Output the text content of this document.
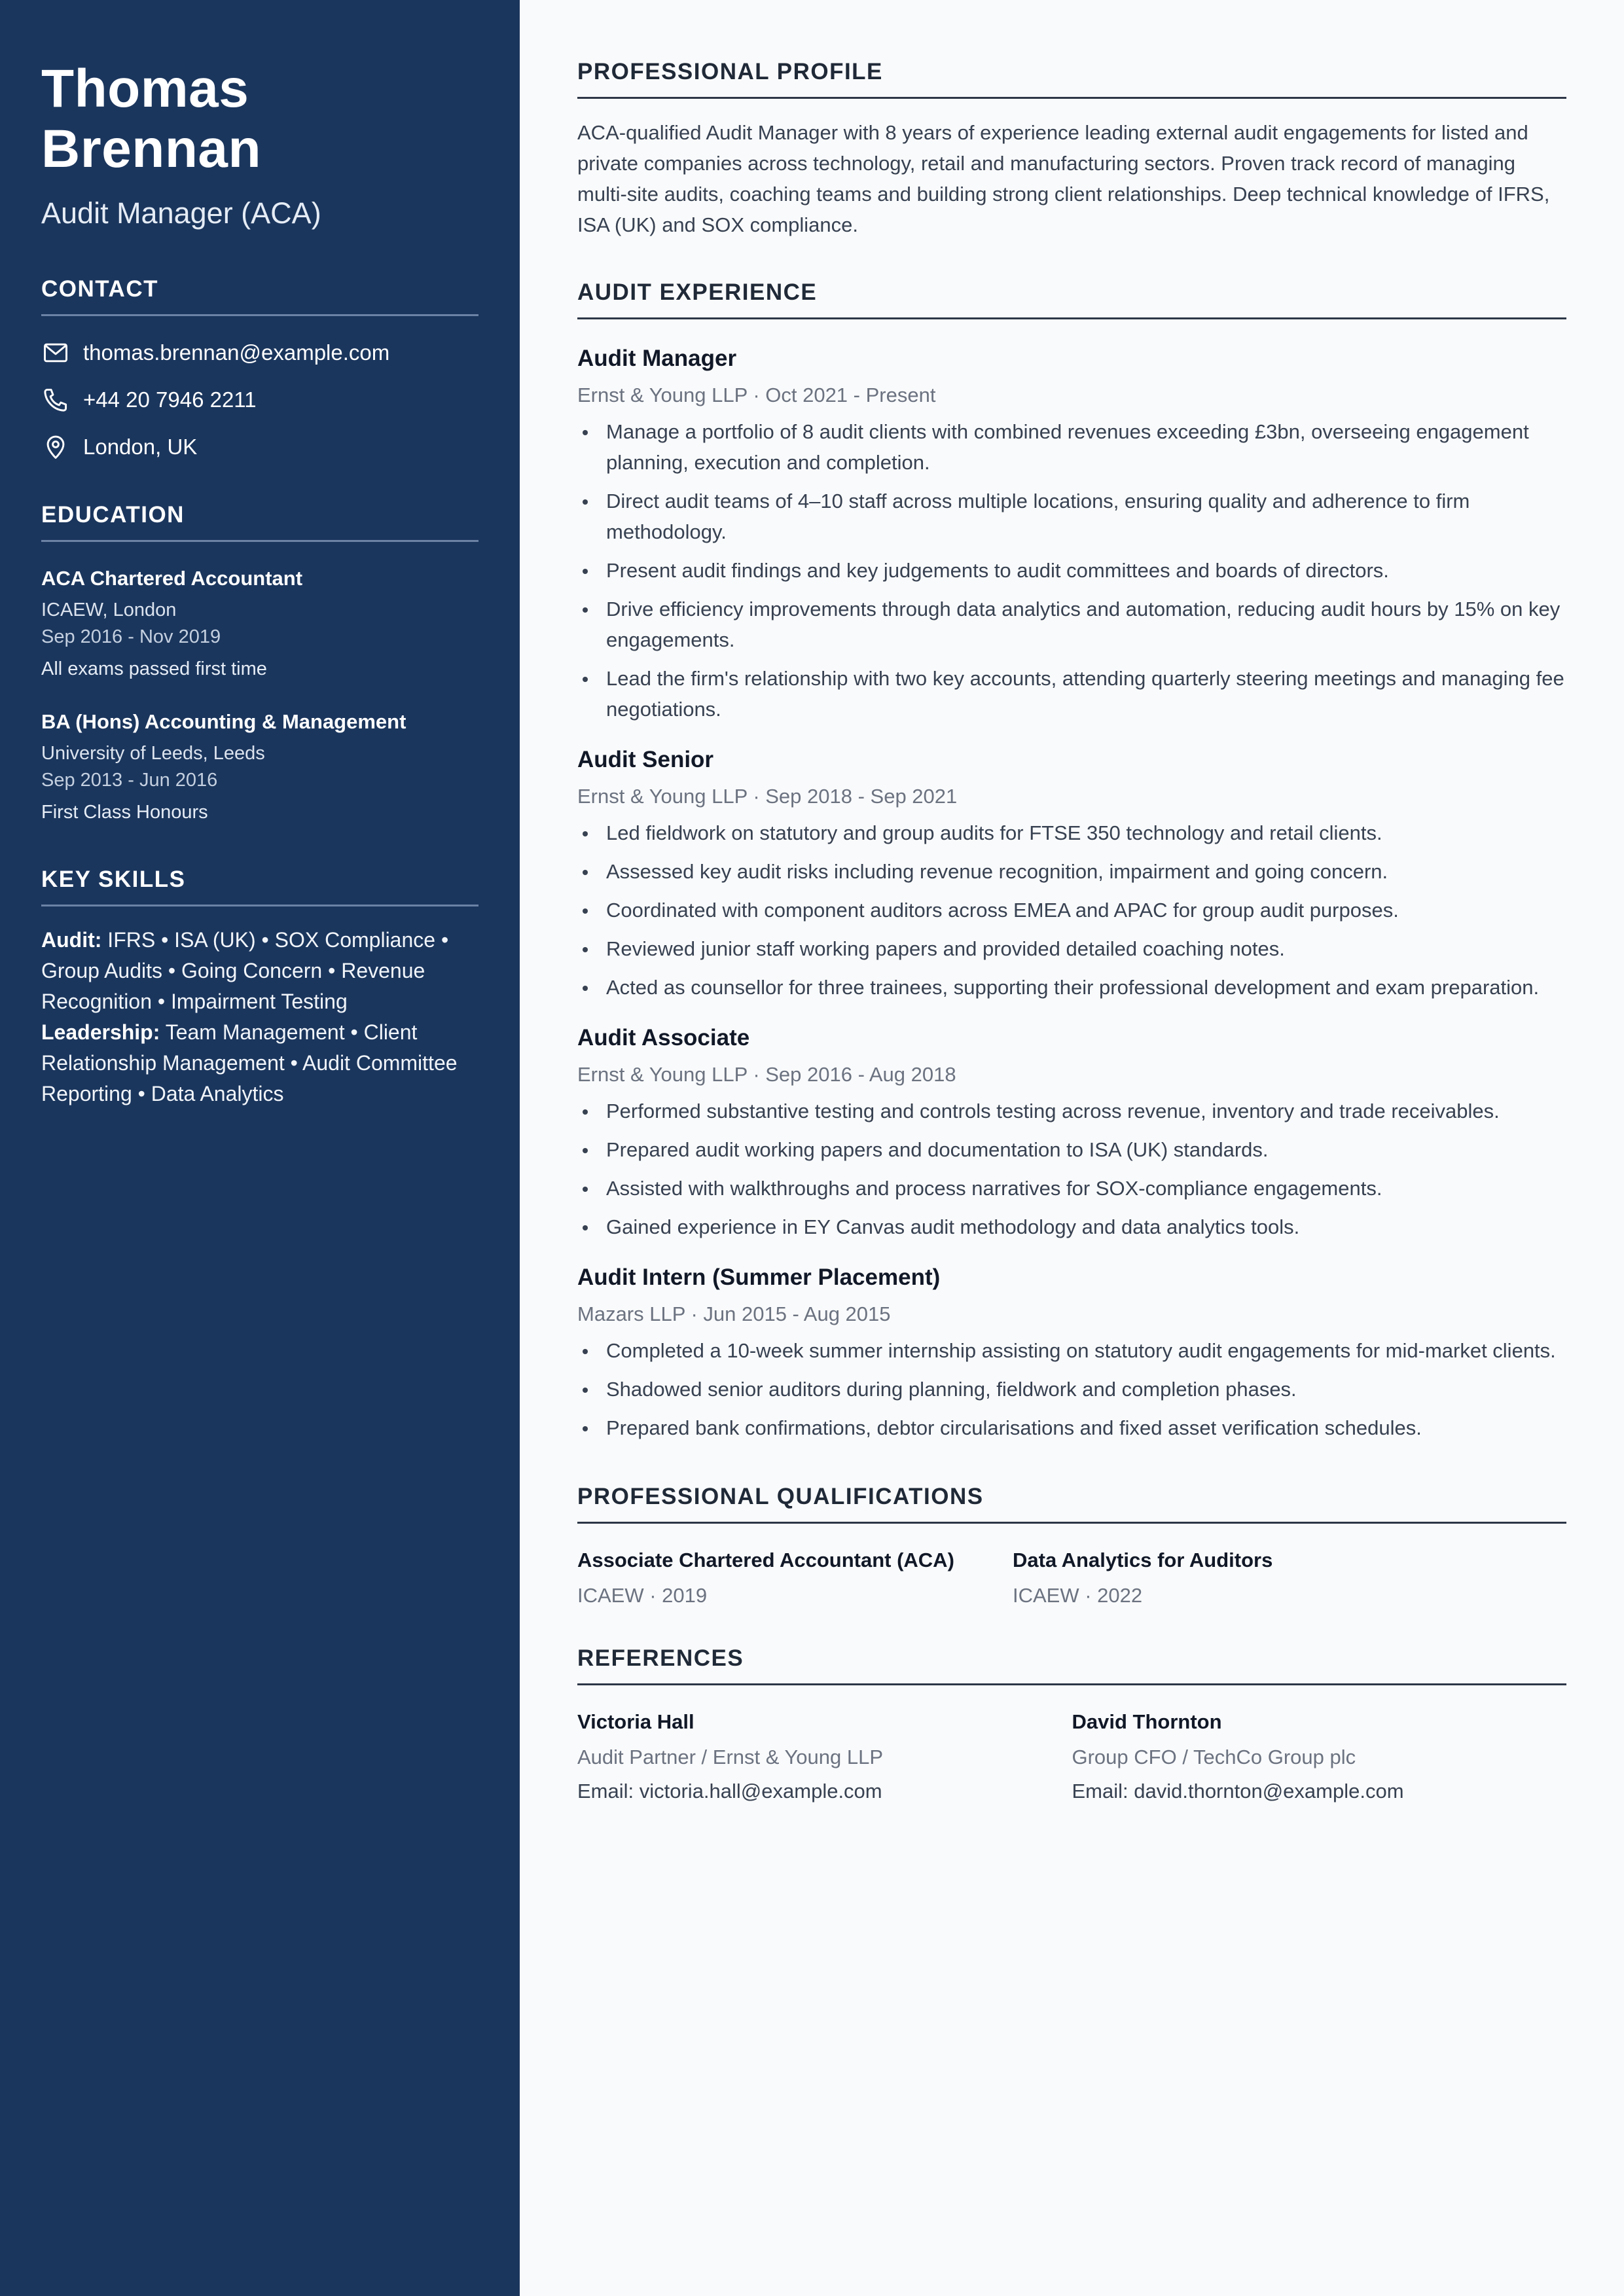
Thomas Brennan
Audit Manager (ACA)
CONTACT
thomas.brennan@example.com
+44 20 7946 2211
London, UK
EDUCATION
ACA Chartered Accountant
ICAEW, London
Sep 2016 - Nov 2019
All exams passed first time
BA (Hons) Accounting & Management
University of Leeds, Leeds
Sep 2013 - Jun 2016
First Class Honours
KEY SKILLS
Audit: IFRS • ISA (UK) • SOX Compliance • Group Audits • Going Concern • Revenue Recognition • Impairment Testing
Leadership: Team Management • Client Relationship Management • Audit Committee Reporting • Data Analytics
PROFESSIONAL PROFILE

ACA-qualified Audit Manager with 8 years of experience leading external audit engagements for listed and private companies across technology, retail and manufacturing sectors. Proven track record of managing multi-site audits, coaching teams and building strong client relationships. Deep technical knowledge of IFRS, ISA (UK) and SOX compliance.

AUDIT EXPERIENCE
Audit Manager
Ernst & Young LLP · Oct 2021 - Present
Manage a portfolio of 8 audit clients with combined revenues exceeding £3bn, overseeing engagement planning, execution and completion.
Direct audit teams of 4–10 staff across multiple locations, ensuring quality and adherence to firm methodology.
Present audit findings and key judgements to audit committees and boards of directors.
Drive efficiency improvements through data analytics and automation, reducing audit hours by 15% on key engagements.
Lead the firm's relationship with two key accounts, attending quarterly steering meetings and managing fee negotiations.
Audit Senior
Ernst & Young LLP · Sep 2018 - Sep 2021
Led fieldwork on statutory and group audits for FTSE 350 technology and retail clients.
Assessed key audit risks including revenue recognition, impairment and going concern.
Coordinated with component auditors across EMEA and APAC for group audit purposes.
Reviewed junior staff working papers and provided detailed coaching notes.
Acted as counsellor for three trainees, supporting their professional development and exam preparation.
Audit Associate
Ernst & Young LLP · Sep 2016 - Aug 2018
Performed substantive testing and controls testing across revenue, inventory and trade receivables.
Prepared audit working papers and documentation to ISA (UK) standards.
Assisted with walkthroughs and process narratives for SOX-compliance engagements.
Gained experience in EY Canvas audit methodology and data analytics tools.
Audit Intern (Summer Placement)
Mazars LLP · Jun 2015 - Aug 2015
Completed a 10-week summer internship assisting on statutory audit engagements for mid-market clients.
Shadowed senior auditors during planning, fieldwork and completion phases.
Prepared bank confirmations, debtor circularisations and fixed asset verification schedules.
PROFESSIONAL QUALIFICATIONS
Associate Chartered Accountant (ACA)
ICAEW · 2019
Data Analytics for Auditors
ICAEW · 2022
REFERENCES
Victoria Hall
Audit Partner / Ernst & Young LLP
Email: victoria.hall@example.com
David Thornton
Group CFO / TechCo Group plc
Email: david.thornton@example.com
